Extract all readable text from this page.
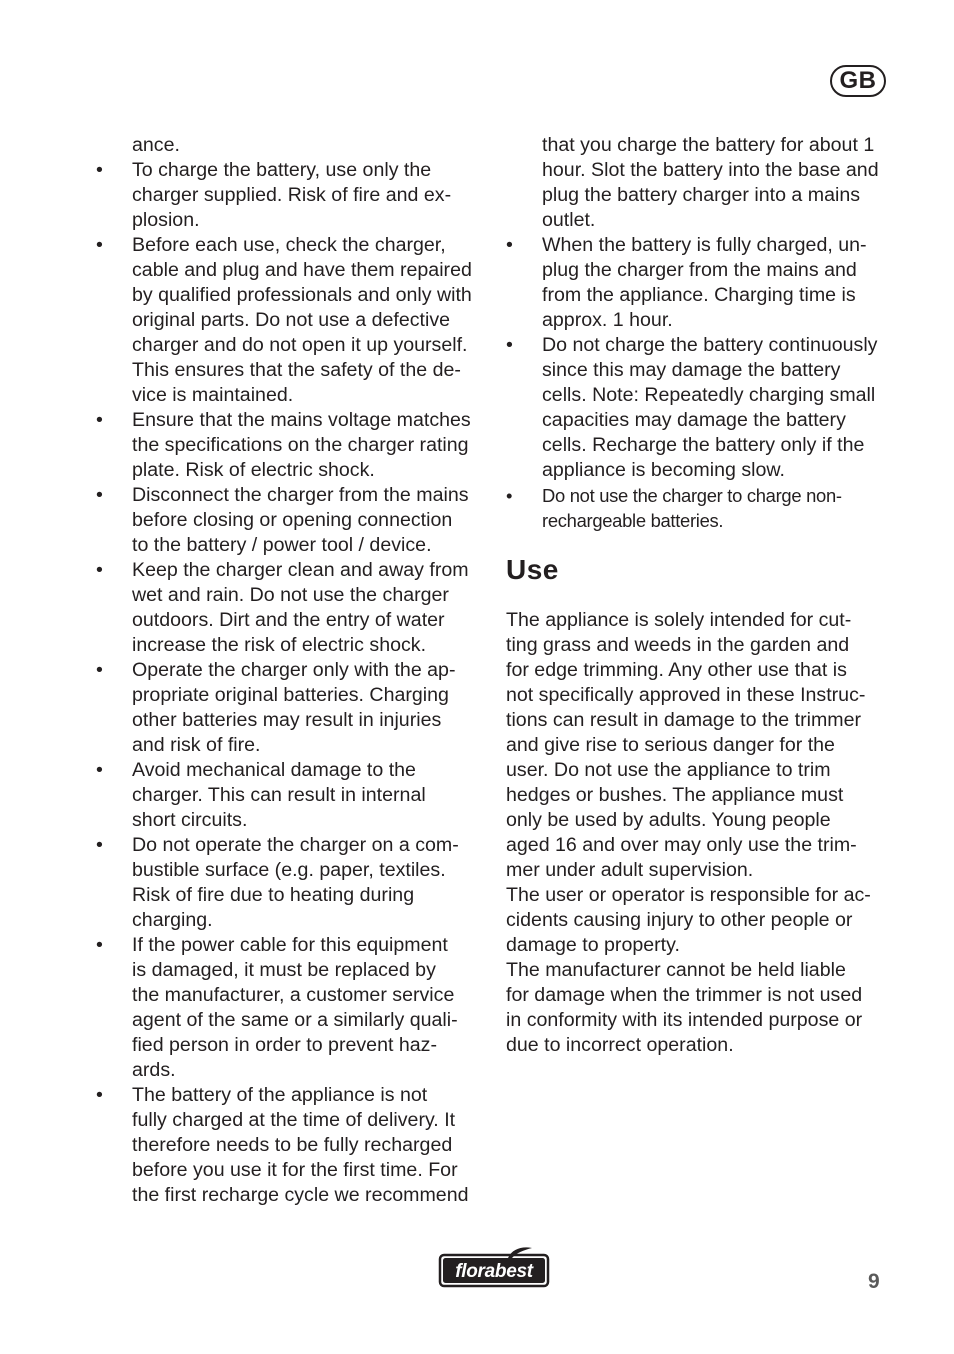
GB
ance.
• To charge the battery, use only the
charger supplied. Risk of fire and ex-
plosion.
• Before each use, check the charger,
cable and plug and have them repaired
by qualified professionals and only with
original parts. Do not use a defective
charger and do not open it up yourself.
This ensures that the safety of the de-
vice is maintained.
• Ensure that the mains voltage matches
the specifications on the charger rating
plate. Risk of electric shock.
• Disconnect the charger from the mains
before closing or opening connection
to the battery / power tool / device.
• Keep the charger clean and away from
wet and rain. Do not use the charger
outdoors. Dirt and the entry of water
increase the risk of electric shock.
• Operate the charger only with the ap-
propriate original batteries. Charging
other batteries may result in injuries
and risk of fire.
• Avoid mechanical damage to the
charger. This can result in internal
short circuits.
• Do not operate the charger on a com-
bustible surface (e.g. paper, textiles.
Risk of fire due to heating during
charging.
• If the power cable for this equipment
is damaged, it must be replaced by
the manufacturer, a customer service
agent of the same or a similarly quali-
fied person in order to prevent haz-
ards.
• The battery of the appliance is not
fully charged at the time of delivery. It
therefore needs to be fully recharged
before you use it for the first time. For
the first recharge cycle we recommend
that you charge the battery for about 1
hour. Slot the battery into the base and
plug the battery charger into a mains
outlet.
• When the battery is fully charged, un-
plug the charger from the mains and
from the appliance. Charging time is
approx. 1 hour.
• Do not charge the battery continuously
since this may damage the battery
cells. Note: Repeatedly charging small
capacities may damage the battery
cells. Recharge the battery only if the
appliance is becoming slow.
• Do not use the charger to charge non-
rechargeable batteries.
Use
The appliance is solely intended for cut-
ting grass and weeds in the garden and
for edge trimming. Any other use that is
not specifically approved in these Instruc-
tions can result in damage to the trimmer
and give rise to serious danger for the
user. Do not use the appliance to trim
hedges or bushes. The appliance must
only be used by adults. Young people
aged 16 and over may only use the trim-
mer under adult supervision.
The user or operator is responsible for ac-
cidents causing injury to other people or
damage to property.
The manufacturer cannot be held liable
for damage when the trimmer is not used
in conformity with its intended purpose or
due to incorrect operation.
florabest	9
